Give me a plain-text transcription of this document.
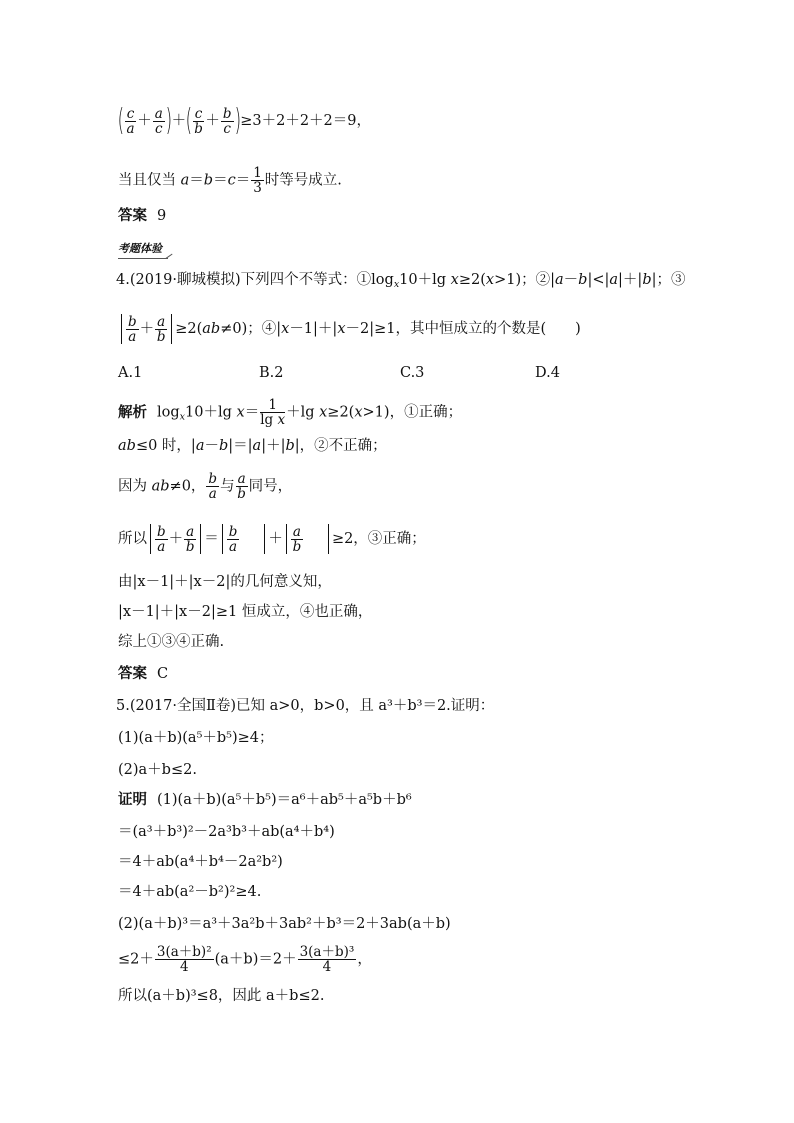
( $\frac{c}{a} + \frac{a}{c}$ )＋( $\frac{c}{b} + \frac{b}{c} )\ge 3+2+2+2=9$，
当且仅当 $a=b=c= \frac{1}{3}$ 时等号成立.
答案 9
考题体验
4.(2019·聊城模拟)下列四个不等式：$①\log_x10+\lg$ x≥2(x>1)；②|a－b|<|a|＋|b|；③
$\frac{b}{a} + \frac{a}{b} \ge 2(ab\ne 0)$；④|x－1|＋|x－2|≥1，其中恒成立的个数是(　　)
A.1	B.2	C.3	D.4
解析 $\log_x10+\lg$ $x= \frac{1}{\text{lg x}} +\lg$ x≥2(x>1)，①正确；
ab≤0 时，|a－b|＝|a|＋|b|，②不正确；
因为 ab≠0， $\frac{b}{a}$ 与 $\frac{a}{b}$ 同号，
所以 $\frac{b}{a} + \frac{a}{b} = \frac{b}{a} + \frac{a}{b} \ge 2$，③正确；
由|x－1|＋|x－2|的几何意义知，
|x－1|＋|x－2|≥1 恒成立，④也正确，
综上①③④正确.
答案 C
5.(2017·全国Ⅱ卷)已知 a>0，b>0，且 a³＋b³＝2.证明：
(1)(a＋b)(a⁵＋b⁵)≥4；
(2)a＋b≤2.
证明 (1)(a＋b)(a⁵＋b⁵)＝a⁶＋ab⁵＋a⁵b＋b⁶
＝(a³＋b³)²－2a³b³＋ab(a⁴＋b⁴)
＝4＋ab(a⁴＋b⁴－2a²b²)
＝4＋ab(a²－b²)²≥4.
(2)(a＋b)³＝a³＋3a²b＋3ab²＋b³＝2＋3ab(a＋b)
$\le 2+ \frac{\text{3(a＋b)²}}{4} (a+b)=2+ \frac{\text{3(a＋b)³}}{4}$ ，
所以(a＋b)³≤8，因此 a＋b≤2.
